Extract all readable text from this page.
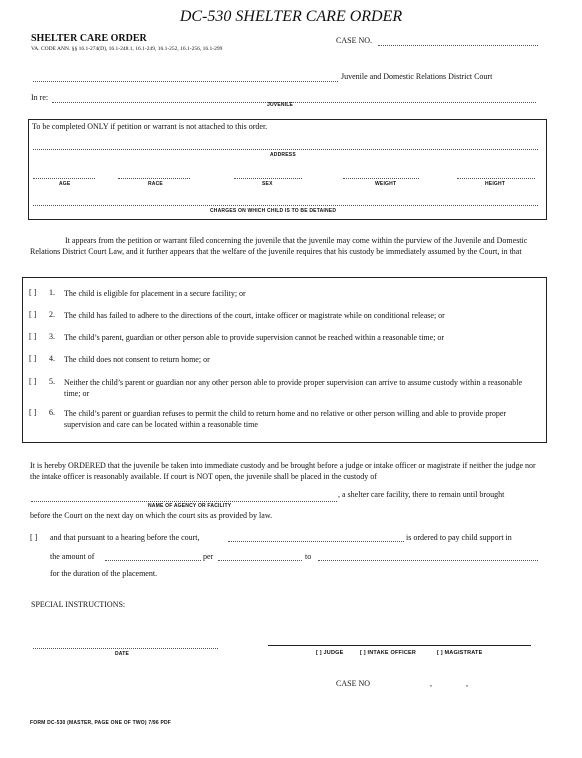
DC-530 SHELTER CARE ORDER
SHELTER CARE ORDER
VA. CODE ANN. §§ 16.1-274(D), 16.1-248.1, 16.1-249, 16.1-252, 16.1-256, 16.1-299
CASE NO.
Juvenile and Domestic Relations District Court
In re:
JUVENILE
To be completed ONLY if petition or warrant is not attached to this order.
ADDRESS
AGE	RACE	SEX	WEIGHT	HEIGHT
CHARGES ON WHICH CHILD IS TO BE DETAINED
It appears from the petition or warrant filed concerning the juvenile that the juvenile may come within the purview of the Juvenile and Domestic Relations District Court Law, and it further appears that the welfare of the juvenile requires that his custody be immediately assumed by the Court, in that
[ ] 1. The child is eligible for placement in a secure facility; or
[ ] 2. The child has failed to adhere to the directions of the court, intake officer or magistrate while on conditional release; or
[ ] 3. The child’s parent, guardian or other person able to provide supervision cannot be reached within a reasonable time; or
[ ] 4. The child does not consent to return home; or
[ ] 5. Neither the child’s parent or guardian nor any other person able to provide proper supervision can arrive to assume custody within a reasonable time; or
[ ] 6. The child’s parent or guardian refuses to permit the child to return home and no relative or other person willing and able to provide proper supervision and care can be located within a reasonable time
It is hereby ORDERED that the juvenile be taken into immediate custody and be brought before a judge or intake officer or magistrate if neither the judge nor the intake officer is reasonably available. If court is NOT open, the juvenile shall be placed in the custody of
, a shelter care facility, there to remain until brought
NAME OF AGENCY OR FACILITY
before the Court on the next day on which the court sits as provided by law.
[ ] and that pursuant to a hearing before the court,	is ordered to pay child support in
the amount of	per	to
for the duration of the placement.
SPECIAL INSTRUCTIONS:
DATE	[ ] JUDGE	[ ] INTAKE OFFICER	[ ] MAGISTRATE
CASE NO	,	,
FORM DC-530 (MASTER, PAGE ONE OF TWO) 7/96 PDF
